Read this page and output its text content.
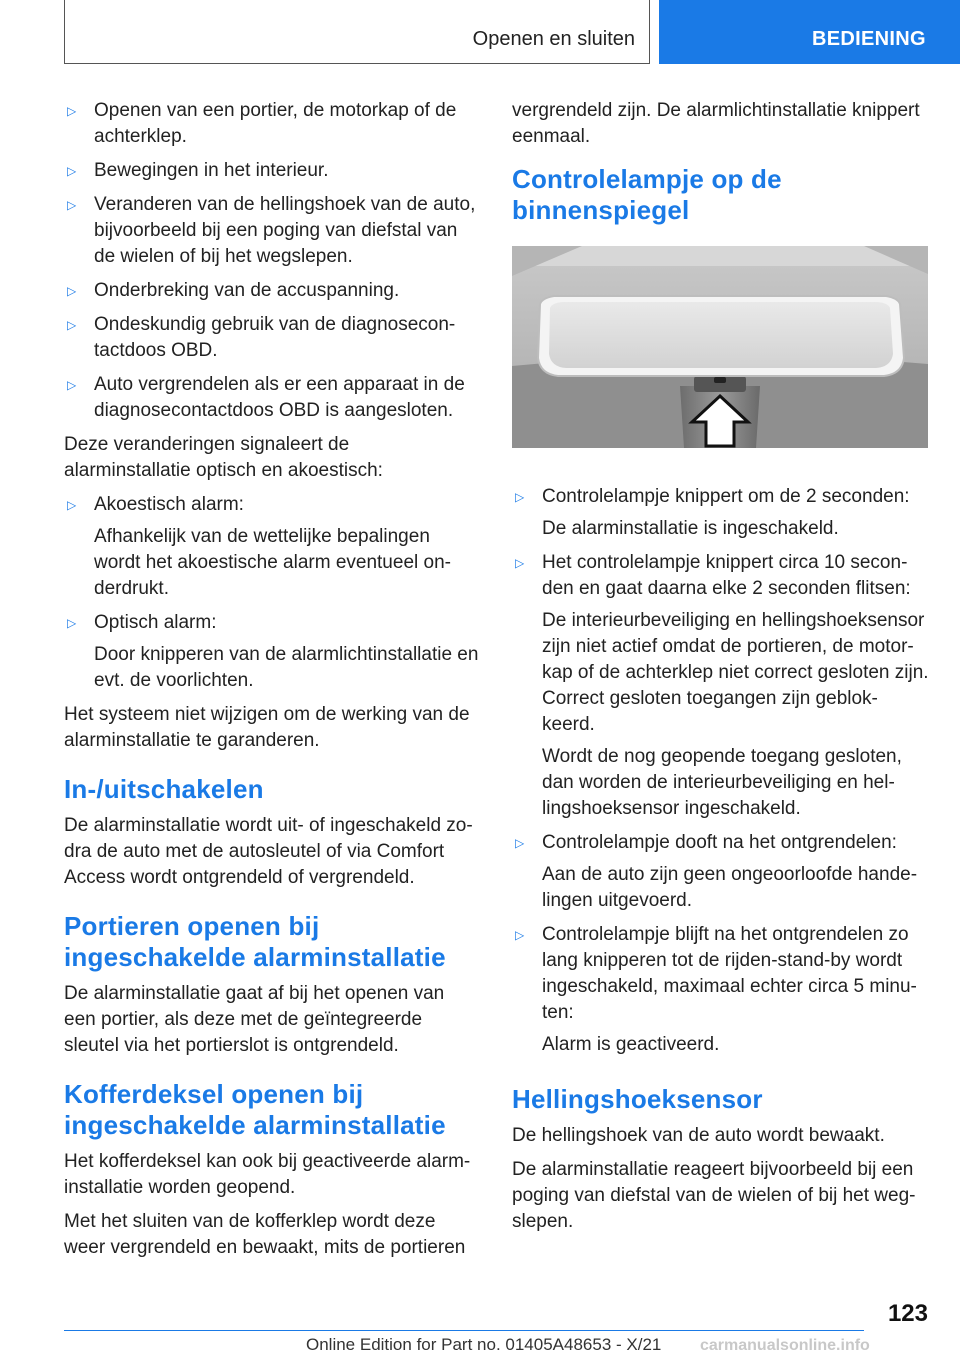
Openen en sluiten	BEDIENING
▷ Openen van een portier, de motorkap of de achterklep.
▷ Bewegingen in het interieur.
▷ Veranderen van de hellingshoek van de auto, bijvoorbeeld bij een poging van diefstal van de wielen of bij het wegslepen.
▷ Onderbreking van de accuspanning.
▷ Ondeskundig gebruik van de diagnosecon-tactdoos OBD.
▷ Auto vergrendelen als er een apparaat in de diagnosecontactdoos OBD is aangesloten.
Deze veranderingen signaleert de alarminstallatie optisch en akoestisch:
▷ Akoestisch alarm:
Afhankelijk van de wettelijke bepalingen wordt het akoestische alarm eventueel on-derdrukt.
▷ Optisch alarm:
Door knipperen van de alarmlichtinstallatie en evt. de voorlichten.
Het systeem niet wijzigen om de werking van de alarminstallatie te garanderen.
In-/uitschakelen
De alarminstallatie wordt uit- of ingeschakeld zo-dra de auto met de autosleutel of via Comfort Access wordt ontgrendeld of vergrendeld.
Portieren openen bij ingeschakelde alarminstallatie
De alarminstallatie gaat af bij het openen van een portier, als deze met de geïntegreerde sleutel via het portierslot is ontgrendeld.
Kofferdeksel openen bij ingeschakelde alarminstallatie
Het kofferdeksel kan ook bij geactiveerde alarm-installatie worden geopend.
Met het sluiten van de kofferklep wordt deze weer vergrendeld en bewaakt, mits de portieren
vergrendeld zijn. De alarmlichtinstallatie knippert eenmaal.
Controlelampje op de binnenspiegel
▷ Controlelampje knippert om de 2 seconden:
De alarminstallatie is ingeschakeld.
▷ Het controlelampje knippert circa 10 secon-den en gaat daarna elke 2 seconden flitsen:
De interieurbeveiliging en hellingshoeksensor zijn niet actief omdat de portieren, de motor-kap of de achterklep niet correct gesloten zijn. Correct gesloten toegangen zijn geblok-keerd.
Wordt de nog geopende toegang gesloten, dan worden de interieurbeveiliging en hel-lingshoeksensor ingeschakeld.
▷ Controlelampje dooft na het ontgrendelen:
Aan de auto zijn geen ongeoorloofde hande-lingen uitgevoerd.
▷ Controlelampje blijft na het ontgrendelen zo lang knipperen tot de rijden-stand-by wordt ingeschakeld, maximaal echter circa 5 minu-ten:
Alarm is geactiveerd.
Hellingshoeksensor
De hellingshoek van de auto wordt bewaakt.
De alarminstallatie reageert bijvoorbeeld bij een poging van diefstal van de wielen of bij het weg-slepen.
123
Online Edition for Part no. 01405A48653 - X/21 carmanualsonline.info
